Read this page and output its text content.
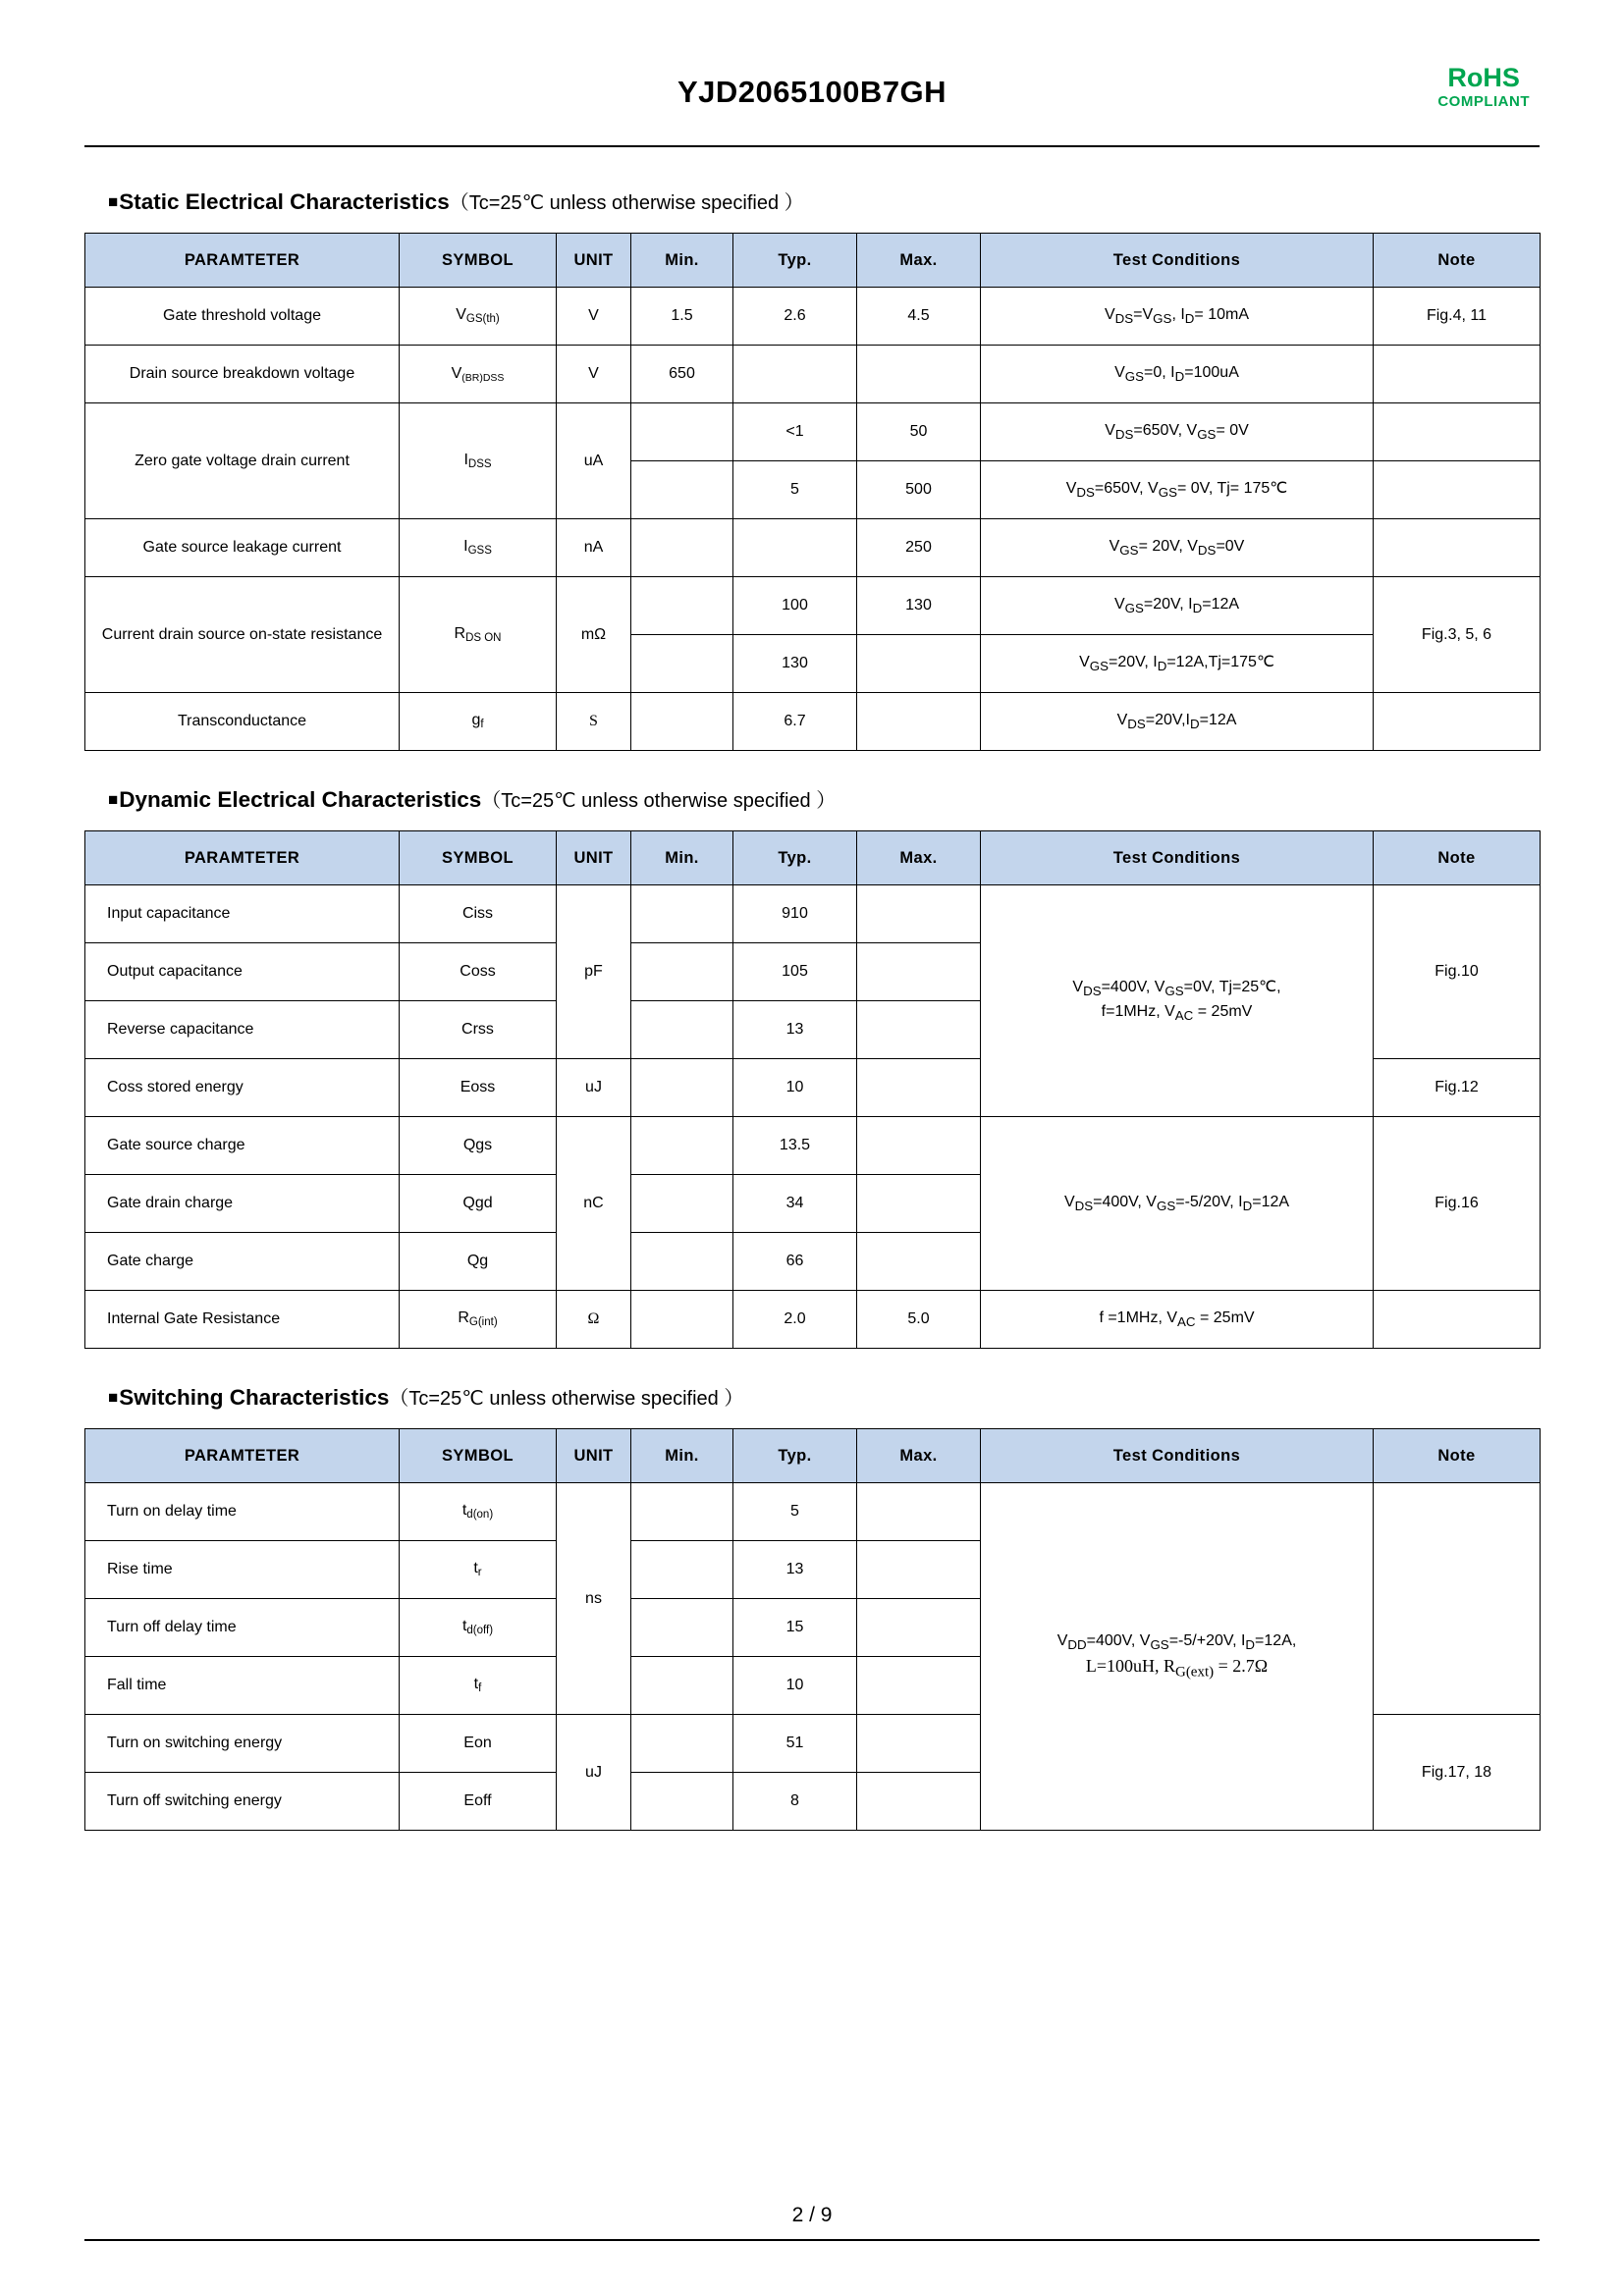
YJD2065100B7GH	RoHS
COMPLIANT
■Static Electrical Characteristics（Tc=25℃ unless otherwise specified ）
PARAMTETER	SYMBOL	UNIT	Min.	Typ.	Max.	Test Conditions	Note
Gate threshold voltage	$V_{GS(th)}$	V	1.5	2.6	4.5	$V_{DS}=V_{GS}$, $I_D= 10mA$	Fig.4, 11
Drain source breakdown voltage	V(BR)DSS	V	650			$V_{GS}=0$, $I_D=100uA$	
Zero gate voltage drain current	$I_{DSS}$	uA		<1	50	$V_{DS}=650V$, $V_{GS}= 0V$	
				5	500	$V_{DS}=650V$, $V_{GS}= 0V$, Tj= 175℃	
Gate source leakage current	$I_{GSS}$	nA			250	$V_{GS}= 20V$, $V_{DS}=0V$	
Current drain source on-state resistance	$R_{DS ON}$	mΩ		100	130	$V_{GS}=20V$, $I_D=12A$	Fig.3, 5, 6
				130		$V_{GS}=20V$, $I_D=12A,Tj=175℃$	
Transconductance	$g_f$	S		6.7		$V_{DS}=20V,I_D=12A$	
■Dynamic Electrical Characteristics（Tc=25℃ unless otherwise specified ）
PARAMTETER	SYMBOL	UNIT	Min.	Typ.	Max.	Test Conditions	Note
Input capacitance	Ciss	pF		910		$V_{DS}=400V$, $V_{GS}=0V$, Tj=25℃,
f=1MHz, $V_{AC} = 25mV$	Fig.10
Output capacitance	Coss			105			
Reverse capacitance	Crss			13			
Coss stored energy	Eoss	uJ		10			Fig.12
Gate source charge	Qgs	nC		13.5		$V_{DS}=400V$, $V_{GS}=-5/20V$, $I_D=12A$	Fig.16
Gate drain charge	Qgd			34			
Gate charge	Qg			66			
Internal Gate Resistance	$R_{G(int)}$	Ω		2.0	5.0	f =1MHz, $V_{AC} = 25mV$	
■Switching Characteristics（Tc=25℃ unless otherwise specified ）
PARAMTETER	SYMBOL	UNIT	Min.	Typ.	Max.	Test Conditions	Note
Turn on delay time	$t_{d(on)}$	ns		5		$V_{DD}=400V$, $V_{GS}=-5/+20V$, $I_D=12A$,
L=100uH, $R_{G(ext)} = 2.7\Omega$	
Rise time	$t_r$			13			
Turn off delay time	$t_{d(off)}$			15			
Fall time	$t_f$			10			
Turn on switching energy	Eon	uJ		51			Fig.17, 18
Turn off switching energy	Eoff			8			
2 / 9
